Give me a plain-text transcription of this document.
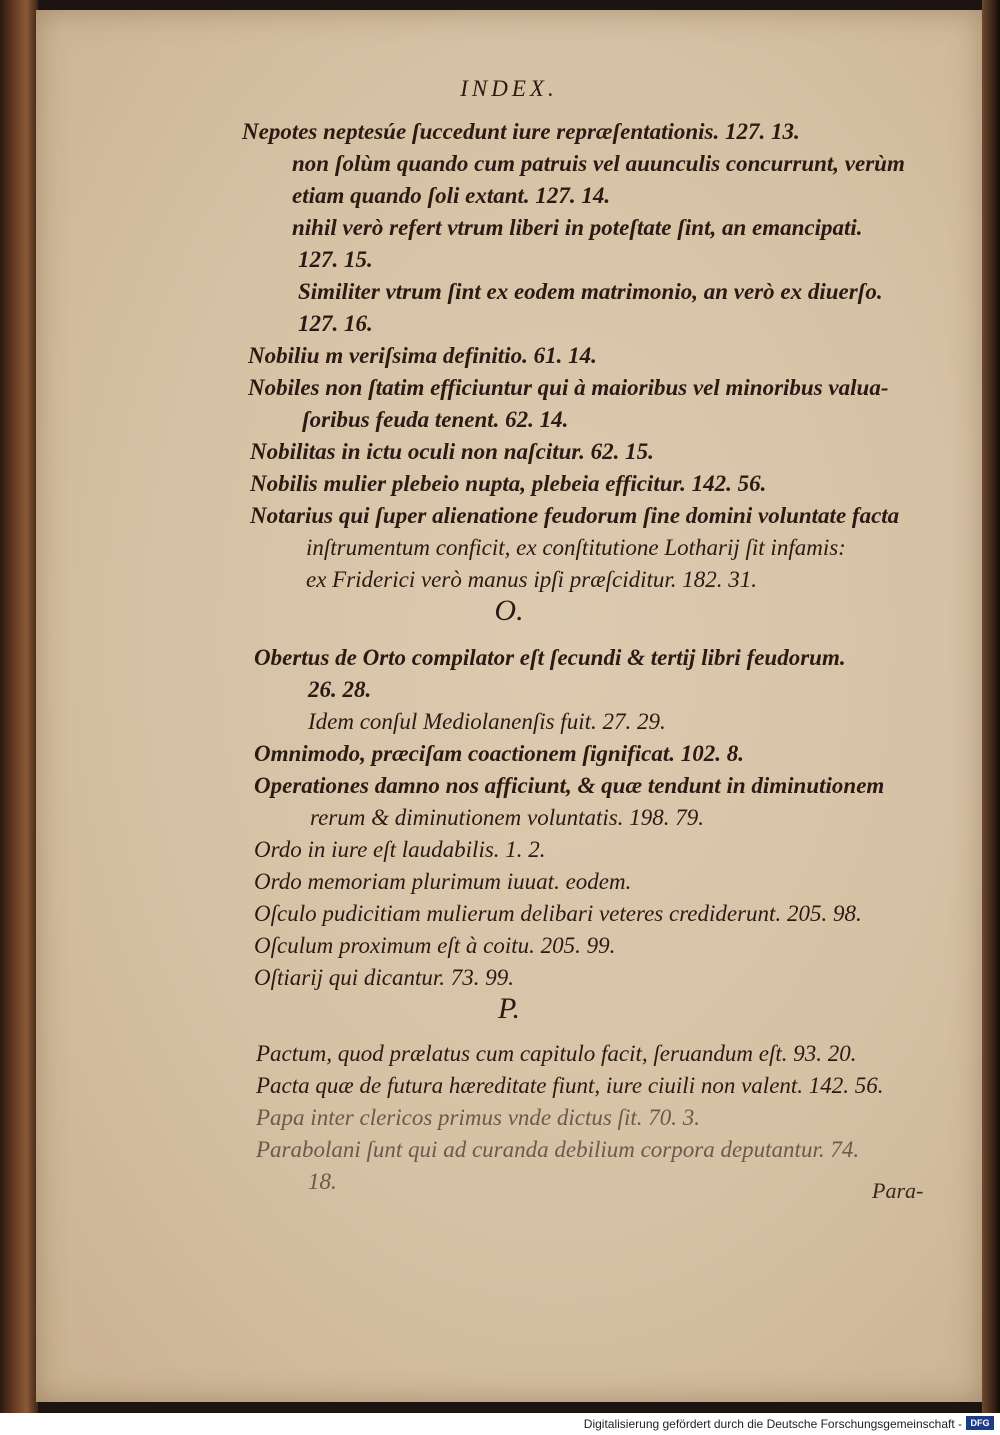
INDEX.
Nepotes neptesúe ſuccedunt iure repræſentationis. 127. 13.
non ſolùm quando cum patruis vel auunculis concurrunt, verùm
etiam quando ſoli extant. 127. 14.
nihil verò refert vtrum liberi in poteſtate ſint, an emancipati.
127. 15.
Similiter vtrum ſint ex eodem matrimonio, an verò ex diuerſo.
127. 16.
Nobiliu m veriſsima definitio. 61. 14.
Nobiles non ſtatim efficiuntur qui à maioribus vel minoribus valua-
ſoribus feuda tenent. 62. 14.
Nobilitas in ictu oculi non naſcitur. 62. 15.
Nobilis mulier plebeio nupta, plebeia efficitur. 142. 56.
Notarius qui ſuper alienatione feudorum ſine domini voluntate facta
inſtrumentum conficit, ex conſtitutione Lotharij ſit infamis:
ex Friderici verò manus ipſi præſciditur. 182. 31.
O.
Obertus de Orto compilator eſt ſecundi & tertij libri feudorum.
26. 28.
Idem conſul Mediolanenſis fuit. 27. 29.
Omnimodo, præciſam coactionem ſignificat. 102. 8.
Operationes damno nos afficiunt, & quæ tendunt in diminutionem
rerum & diminutionem voluntatis. 198. 79.
Ordo in iure eſt laudabilis. 1. 2.
Ordo memoriam plurimum iuuat. eodem.
Oſculo pudicitiam mulierum delibari veteres crediderunt. 205. 98.
Oſculum proximum eſt à coitu. 205. 99.
Oſtiarij qui dicantur. 73. 99.
P.
Pactum, quod prælatus cum capitulo facit, ſeruandum eſt. 93. 20.
Pacta quæ de futura hæreditate fiunt, iure ciuili non valent. 142. 56.
Papa inter clericos primus vnde dictus ſit. 70. 3.
Parabolani ſunt qui ad curanda debilium corpora deputantur. 74.
18.	Para-
Digitalisierung gefördert durch die Deutsche Forschungsgemeinschaft - DFG
